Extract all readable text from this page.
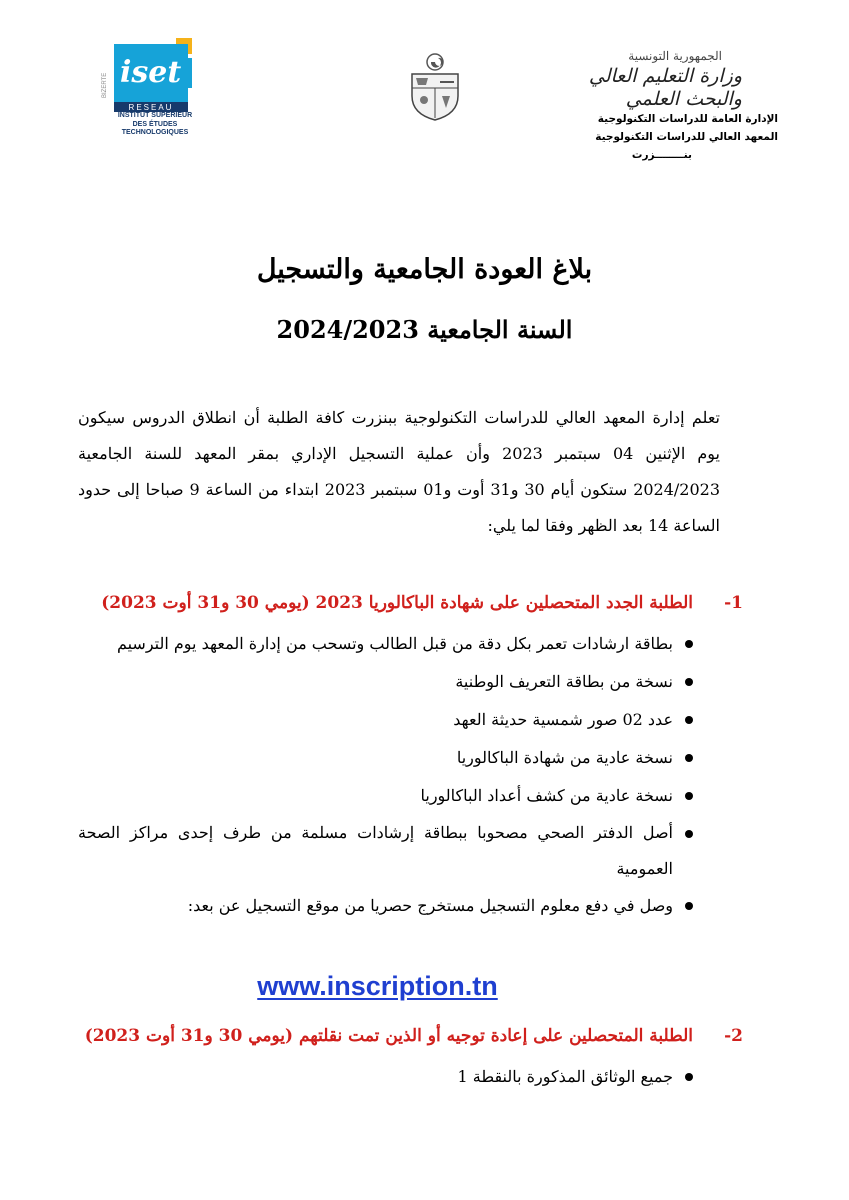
iset
RESEAU
BIZERTE
INSTITUT SUPÉRIEUR
DES ÉTUDES
TECHNOLOGIQUES
الجمهورية التونسية
وزارة التعليم العالي
والبحث العلمي
الإدارة العامة للدراسات التكنولوجية
المعهد العالي للدراسات التكنولوجية
بنــــــــزرت
بلاغ العودة الجامعية والتسجيل
السنة الجامعية 2024/2023
تعلم إدارة المعهد العالي للدراسات التكنولوجية ببنزرت كافة الطلبة أن انطلاق الدروس سيكون يوم الإثنين 04 سبتمبر 2023 وأن عملية التسجيل الإداري بمقر المعهد للسنة الجامعية 2024/2023 ستكون أيام 30 و31 أوت و01 سبتمبر 2023 ابتداء من الساعة 9 صباحا إلى حدود الساعة 14 بعد الظهر وفقا لما يلي:
1-
الطلبة الجدد المتحصلين على شهادة الباكالوريا 2023 (يومي 30 و31 أوت 2023)
بطاقة ارشادات تعمر بكل دقة من قبل الطالب وتسحب من إدارة المعهد يوم الترسيم
نسخة من بطاقة التعريف الوطنية
عدد 02 صور شمسية حديثة العهد
نسخة عادية من شهادة الباكالوريا
نسخة عادية من كشف أعداد الباكالوريا
أصل الدفتر الصحي مصحوبا ببطاقة إرشادات مسلمة من طرف إحدى مراكز الصحة العمومية
وصل في دفع معلوم التسجيل مستخرج حصريا من موقع التسجيل عن بعد:
www.inscription.tn
2-
الطلبة المتحصلين على إعادة توجيه أو الذين تمت نقلتهم (يومي 30 و31 أوت 2023)
جميع الوثائق المذكورة بالنقطة 1
